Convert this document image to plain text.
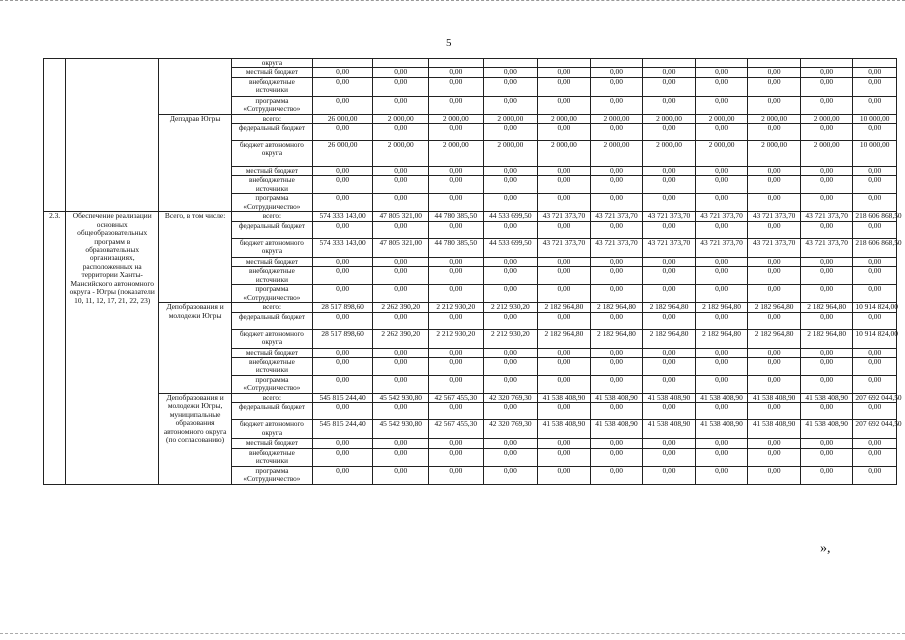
5
			округа											
			местный бюджет	0,00	0,00	0,00	0,00	0,00	0,00	0,00	0,00	0,00	0,00	0,00
			внебюджетные источники	0,00	0,00	0,00	0,00	0,00	0,00	0,00	0,00	0,00	0,00	0,00
			программа «Сотрудничество»	0,00	0,00	0,00	0,00	0,00	0,00	0,00	0,00	0,00	0,00	0,00
		Депздрав Югры	всего:	26 000,00	2 000,00	2 000,00	2 000,00	2 000,00	2 000,00	2 000,00	2 000,00	2 000,00	2 000,00	10 000,00
			федеральный бюджет	0,00	0,00	0,00	0,00	0,00	0,00	0,00	0,00	0,00	0,00	0,00
			бюджет автономного округа	26 000,00	2 000,00	2 000,00	2 000,00	2 000,00	2 000,00	2 000,00	2 000,00	2 000,00	2 000,00	10 000,00
			местный бюджет	0,00	0,00	0,00	0,00	0,00	0,00	0,00	0,00	0,00	0,00	0,00
			внебюджетные источники	0,00	0,00	0,00	0,00	0,00	0,00	0,00	0,00	0,00	0,00	0,00
			программа «Сотрудничество»	0,00	0,00	0,00	0,00	0,00	0,00	0,00	0,00	0,00	0,00	0,00
2.3.	Обеспечение реализации основных общеобразовательных программ в образовательных организациях, расположенных на территории Ханты-Мансийского автономного округа - Югры (показатели 10, 11, 12, 17, 21, 22, 23)	Всего, в том числе:	всего:	574 333 143,00	47 805 321,00	44 780 385,50	44 533 699,50	43 721 373,70	43 721 373,70	43 721 373,70	43 721 373,70	43 721 373,70	43 721 373,70	218 606 868,50
			федеральный бюджет	0,00	0,00	0,00	0,00	0,00	0,00	0,00	0,00	0,00	0,00	0,00
			бюджет автономного округа	574 333 143,00	47 805 321,00	44 780 385,50	44 533 699,50	43 721 373,70	43 721 373,70	43 721 373,70	43 721 373,70	43 721 373,70	43 721 373,70	218 606 868,50
			местный бюджет	0,00	0,00	0,00	0,00	0,00	0,00	0,00	0,00	0,00	0,00	0,00
			внебюджетные источники	0,00	0,00	0,00	0,00	0,00	0,00	0,00	0,00	0,00	0,00	0,00
			программа «Сотрудничество»	0,00	0,00	0,00	0,00	0,00	0,00	0,00	0,00	0,00	0,00	0,00
		Депобразования и молодежи Югры	всего:	28 517 898,60	2 262 390,20	2 212 930,20	2 212 930,20	2 182 964,80	2 182 964,80	2 182 964,80	2 182 964,80	2 182 964,80	2 182 964,80	10 914 824,00
			федеральный бюджет	0,00	0,00	0,00	0,00	0,00	0,00	0,00	0,00	0,00	0,00	0,00
			бюджет автономного округа	28 517 898,60	2 262 390,20	2 212 930,20	2 212 930,20	2 182 964,80	2 182 964,80	2 182 964,80	2 182 964,80	2 182 964,80	2 182 964,80	10 914 824,00
			местный бюджет	0,00	0,00	0,00	0,00	0,00	0,00	0,00	0,00	0,00	0,00	0,00
			внебюджетные источники	0,00	0,00	0,00	0,00	0,00	0,00	0,00	0,00	0,00	0,00	0,00
			программа «Сотрудничество»	0,00	0,00	0,00	0,00	0,00	0,00	0,00	0,00	0,00	0,00	0,00
		Депобразования и молодежи Югры, муниципальные образования автономного округа (по согласованию)	всего:	545 815 244,40	45 542 930,80	42 567 455,30	42 320 769,30	41 538 408,90	41 538 408,90	41 538 408,90	41 538 408,90	41 538 408,90	41 538 408,90	207 692 044,50
			федеральный бюджет	0,00	0,00	0,00	0,00	0,00	0,00	0,00	0,00	0,00	0,00	0,00
			бюджет автономного округа	545 815 244,40	45 542 930,80	42 567 455,30	42 320 769,30	41 538 408,90	41 538 408,90	41 538 408,90	41 538 408,90	41 538 408,90	41 538 408,90	207 692 044,50
			местный бюджет	0,00	0,00	0,00	0,00	0,00	0,00	0,00	0,00	0,00	0,00	0,00
			внебюджетные источники	0,00	0,00	0,00	0,00	0,00	0,00	0,00	0,00	0,00	0,00	0,00
			программа «Сотрудничество»	0,00	0,00	0,00	0,00	0,00	0,00	0,00	0,00	0,00	0,00	0,00
»,
